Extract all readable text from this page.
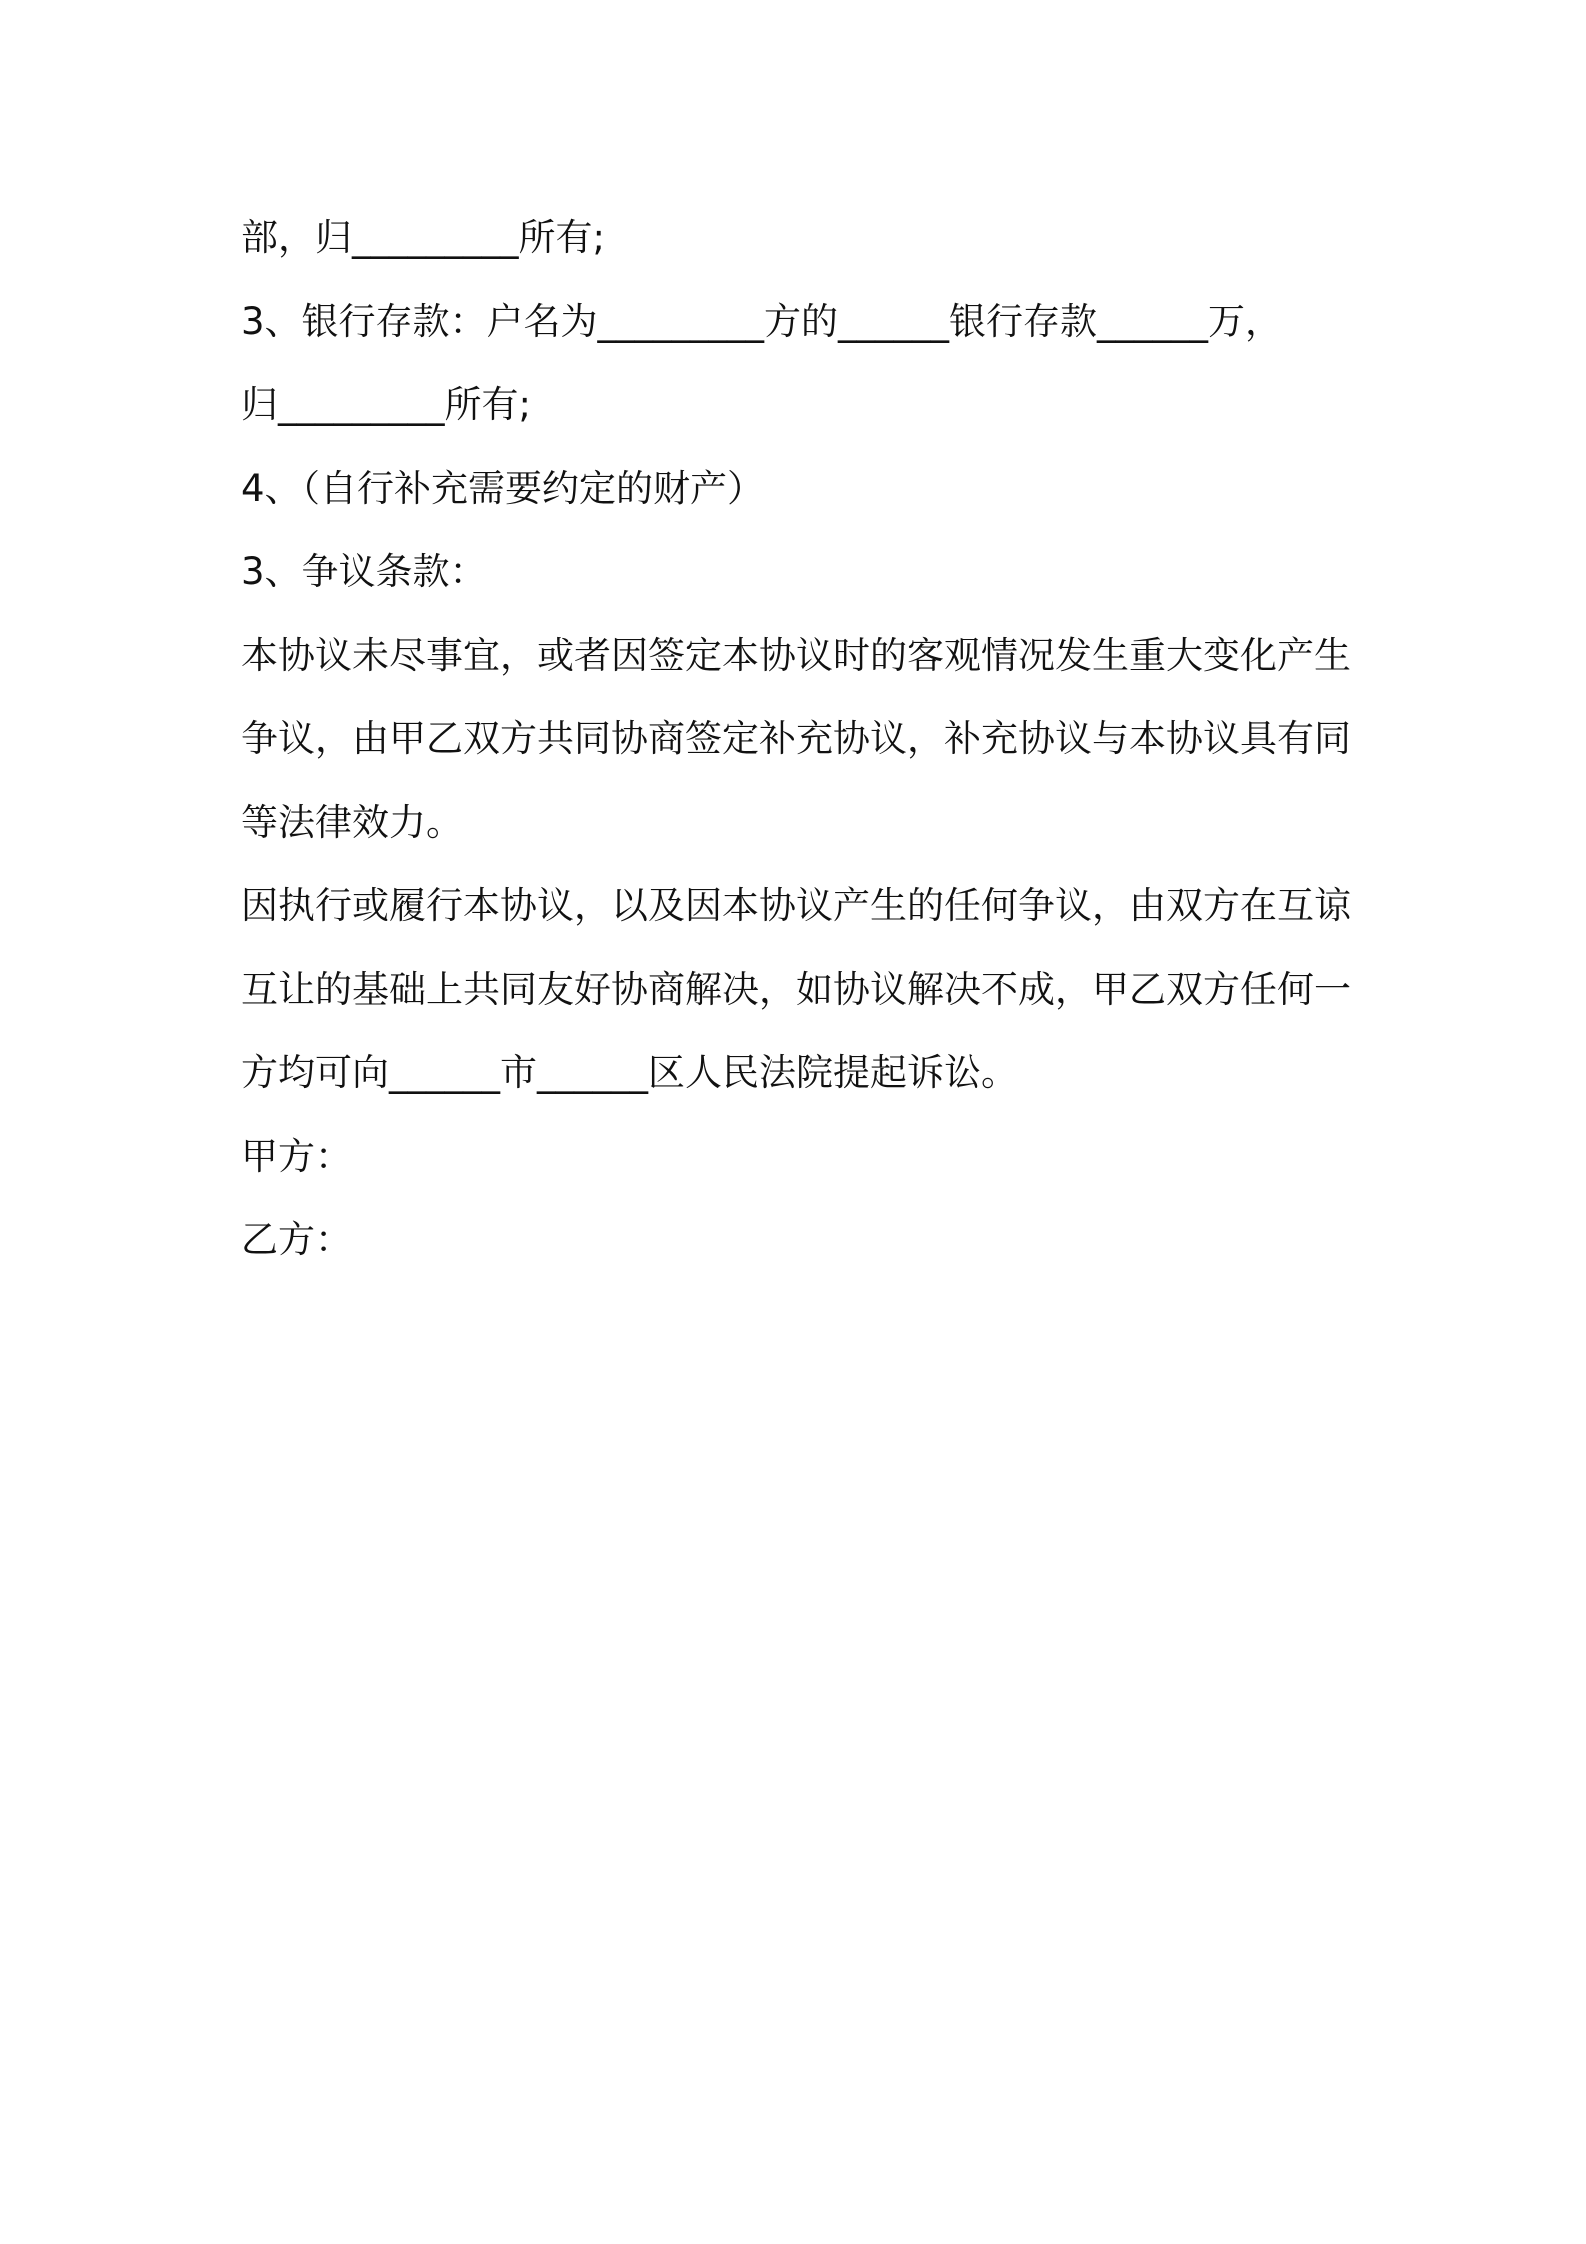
部，归_________所有;
3、银行存款：户名为_________方的______银行存款______万，
归_________所有;
4、（自行补充需要约定的财产）
3、争议条款：
本协议未尽事宜，或者因签定本协议时的客观情况发生重大变化产生
争议，由甲乙双方共同协商签定补充协议，补充协议与本协议具有同
等法律效力。
因执行或履行本协议，以及因本协议产生的任何争议，由双方在互谅
互让的基础上共同友好协商解决，如协议解决不成，甲乙双方任何一
方均可向______市______区人民法院提起诉讼。
甲方：
乙方：
